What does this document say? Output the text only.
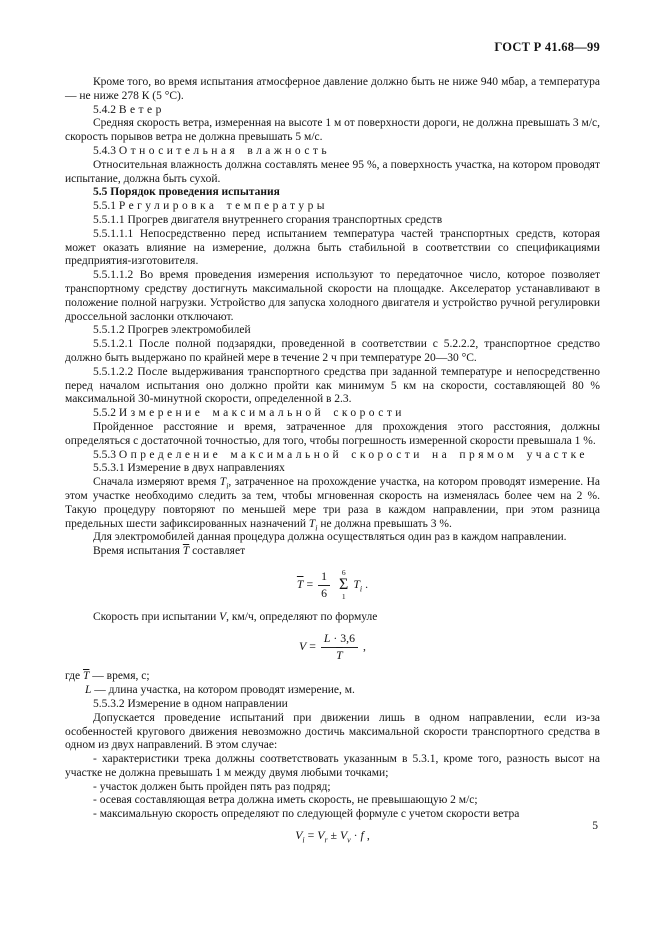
ГОСТ Р 41.68—99

Кроме того, во время испытания атмосферное давление должно быть не ниже 940 мбар, а температура — не ниже 278 К (5 °С).

5.4.2 Ветер

Средняя скорость ветра, измеренная на высоте 1 м от поверхности дороги, не должна превышать 3 м/с, скорость порывов ветра не должна превышать 5 м/с.

5.4.3 Относительная влажность

Относительная влажность должна составлять менее 95 %, а поверхность участка, на котором проводят испытание, должна быть сухой.

5.5 Порядок проведения испытания

5.5.1 Регулировка температуры

5.5.1.1 Прогрев двигателя внутреннего сгорания транспортных средств

5.5.1.1.1 Непосредственно перед испытанием температура частей транспортных средств, которая может оказать влияние на измерение, должна быть стабильной в соответствии со спецификациями предприятия-изготовителя.

5.5.1.1.2 Во время проведения измерения используют то передаточное число, которое позволяет транспортному средству достигнуть максимальной скорости на площадке. Акселератор устанавливают в положение полной нагрузки. Устройство для запуска холодного двигателя и устройство ручной регулировки дроссельной заслонки отключают.

5.5.1.2 Прогрев электромобилей

5.5.1.2.1 После полной подзарядки, проведенной в соответствии с 5.2.2.2, транспортное средство должно быть выдержано по крайней мере в течение 2 ч при температуре 20—30 °С.

5.5.1.2.2 После выдерживания транспортного средства при заданной температуре и непосредственно перед началом испытания оно должно пройти как минимум 5 км на скорости, составляющей 80 % максимальной 30-минутной скорости, определенной в 2.3.

5.5.2 Измерение максимальной скорости

Пройденное расстояние и время, затраченное для прохождения этого расстояния, должны определяться с достаточной точностью, для того, чтобы погрешность измеренной скорости превышала 1 %.

5.5.3 Определение максимальной скорости на прямом участке

5.5.3.1 Измерение в двух направлениях

Сначала измеряют время $T_i$, затраченное на прохождение участка, на котором проводят измерение. На этом участке необходимо следить за тем, чтобы мгновенная скорость на изменялась более чем на 2 %. Такую процедуру повторяют по меньшей мере три раза в каждом направлении, при этом разница предельных шести зафиксированных назначений $T_i$ не должна превышать 3 %.

Для электромобилей данная процедура должна осуществляться один раз в каждом направлении.

Время испытания $\overline{T}$ составляет

$\overline{T} = \frac{1}{6} 6$
Σ
1
$T_i$ .

Скорость при испытании V, км/ч, определяют по формуле

$V = \frac{L \cdot 3,6}{T}$ ,

где $\overline{T}$ — время, с;

L — длина участка, на котором проводят измерение, м.

5.5.3.2 Измерение в одном направлении

Допускается проведение испытаний при движении лишь в одном направлении, если из-за особенностей кругового движения невозможно достичь максимальной скорости транспортного средства в одном из двух направлений. В этом случае:

- характеристики трека должны соответствовать указанным в 5.3.1, кроме того, разность высот на участке не должна превышать 1 м между двумя любыми точками;

- участок должен быть пройден пять раз подряд;

- осевая составляющая ветра должна иметь скорость, не превышающую 2 м/с;

- максимальную скорость определяют по следующей формуле с учетом скорости ветра

$V_i = V_r \pm V_v \cdot f$ ,
5
